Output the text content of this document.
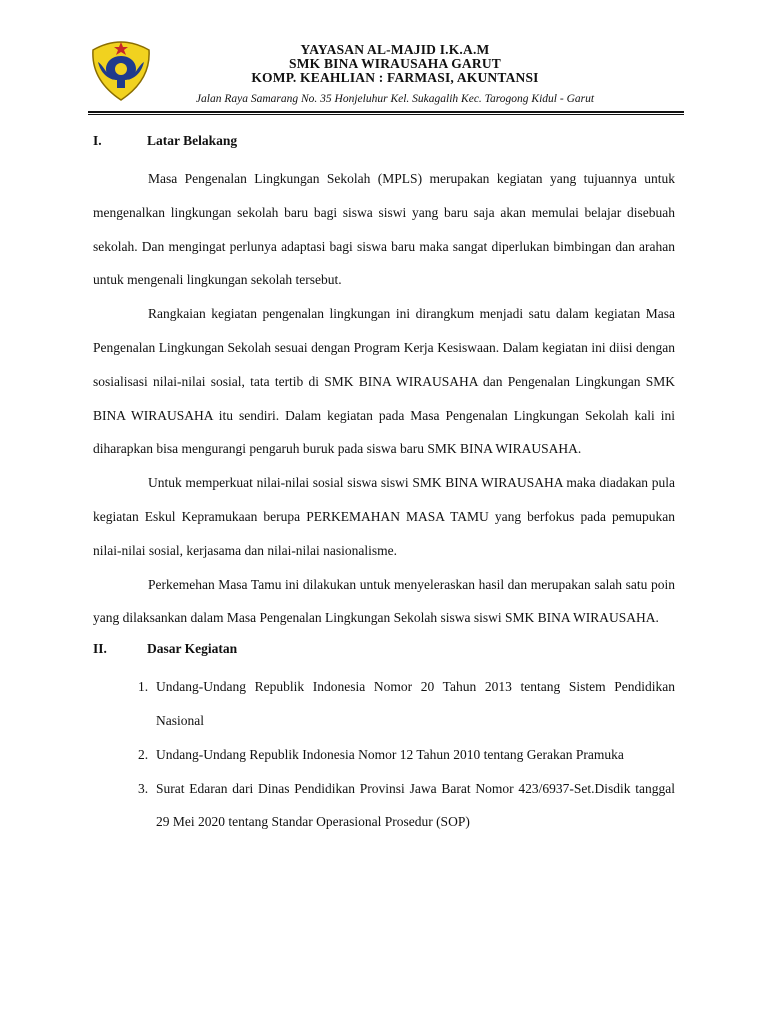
YAYASAN AL-MAJID I.K.A.M
SMK BINA WIRAUSAHA GARUT
KOMP. KEAHLIAN : FARMASI, AKUNTANSI
Jalan Raya Samarang No. 35 Honjeluhur Kel. Sukagalih Kec. Tarogong Kidul - Garut
I.	Latar Belakang

Masa Pengenalan Lingkungan Sekolah (MPLS) merupakan kegiatan yang tujuannya untuk mengenalkan lingkungan sekolah baru bagi siswa siswi yang baru saja akan memulai belajar disebuah sekolah. Dan mengingat perlunya adaptasi bagi siswa baru maka sangat diperlukan bimbingan dan arahan untuk mengenali lingkungan sekolah tersebut.

Rangkaian kegiatan pengenalan lingkungan ini dirangkum menjadi satu dalam kegiatan Masa Pengenalan Lingkungan Sekolah sesuai dengan Program Kerja Kesiswaan. Dalam kegiatan ini diisi dengan sosialisasi nilai-nilai sosial, tata tertib di SMK BINA WIRAUSAHA dan Pengenalan Lingkungan SMK BINA WIRAUSAHA itu sendiri. Dalam kegiatan pada Masa Pengenalan Lingkungan Sekolah kali ini diharapkan bisa mengurangi pengaruh buruk pada siswa baru SMK BINA WIRAUSAHA.

Untuk memperkuat nilai-nilai sosial siswa siswi SMK BINA WIRAUSAHA maka diadakan pula kegiatan Eskul Kepramukaan berupa PERKEMAHAN MASA TAMU yang berfokus pada pemupukan nilai-nilai sosial, kerjasama dan nilai-nilai nasionalisme.

Perkemehan Masa Tamu ini dilakukan untuk menyeleraskan hasil dan merupakan salah satu poin yang dilaksankan dalam Masa Pengenalan Lingkungan Sekolah siswa siswi SMK BINA WIRAUSAHA.

II.	Dasar Kegiatan
1. Undang-Undang Republik Indonesia Nomor 20 Tahun 2013 tentang Sistem Pendidikan Nasional
2. Undang-Undang Republik Indonesia Nomor 12 Tahun 2010 tentang Gerakan Pramuka
3. Surat Edaran dari Dinas Pendidikan Provinsi Jawa Barat Nomor 423/6937-Set.Disdik tanggal 29 Mei 2020 tentang Standar Operasional Prosedur (SOP)
